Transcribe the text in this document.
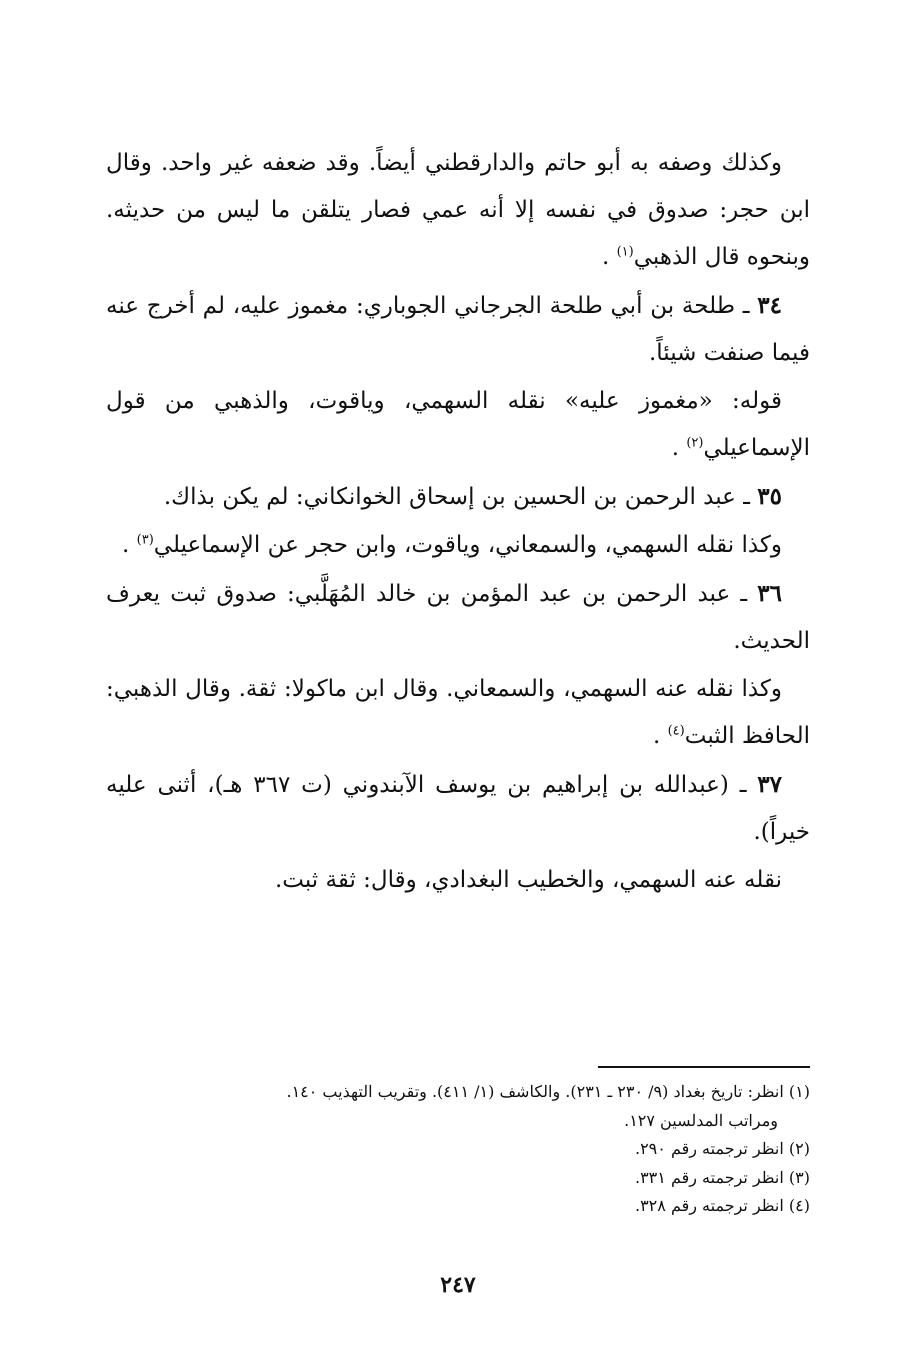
وكذلك وصفه به أبو حاتم والدارقطني أيضاً. وقد ضعفه غير واحد. وقال ابن حجر: صدوق في نفسه إلا أنه عمي فصار يتلقن ما ليس من حديثه. وبنحوه قال الذهبي$^{(١)}$ .

٣٤ ـ طلحة بن أبي طلحة الجرجاني الجوباري: مغموز عليه، لم أخرج عنه فيما صنفت شيئاً.

قوله: «مغموز عليه» نقله السهمي، وياقوت، والذهبي من قول الإسماعيلي$^{(٢)}$ .

٣٥ ـ عبد الرحمن بن الحسين بن إسحاق الخوانكاني: لم يكن بذاك.

وكذا نقله السهمي، والسمعاني، وياقوت، وابن حجر عن الإسماعيلي$^{(٣)}$ .

٣٦ ـ عبد الرحمن بن عبد المؤمن بن خالد المُهَلَّبي: صدوق ثبت يعرف الحديث.

وكذا نقله عنه السهمي، والسمعاني. وقال ابن ماكولا: ثقة. وقال الذهبي: الحافظ الثبت$^{(٤)}$ .

٣٧ ـ (عبدالله بن إبراهيم بن يوسف الآبندوني (ت ٣٦٧ هـ)، أثنى عليه خيراً).

نقله عنه السهمي، والخطيب البغدادي، وقال: ثقة ثبت.

(١) انظر: تاريخ بغداد (٩/ ٢٣٠ ـ ٢٣١). والكاشف (١/ ٤١١). وتقريب التهذيب ١٤٠.
ومراتب المدلسين ١٢٧.
(٢) انظر ترجمته رقم ٢٩٠.
(٣) انظر ترجمته رقم ٣٣١.
(٤) انظر ترجمته رقم ٣٢٨.
٢٤٧
